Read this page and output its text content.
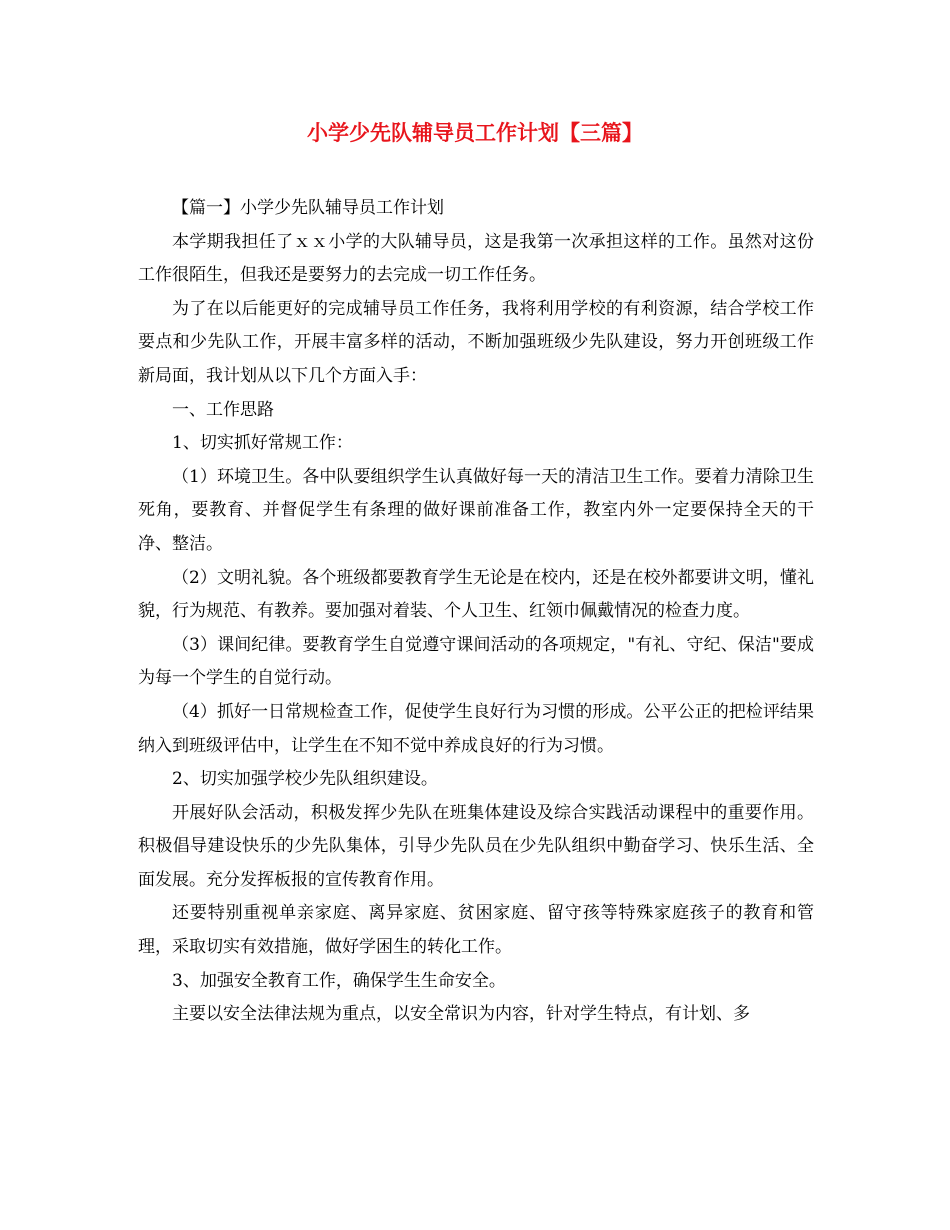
小学少先队辅导员工作计划【三篇】

【篇一】小学少先队辅导员工作计划

本学期我担任了ｘｘ小学的大队辅导员，这是我第一次承担这样的工作。虽然对这份工作很陌生，但我还是要努力的去完成一切工作任务。

为了在以后能更好的完成辅导员工作任务，我将利用学校的有利资源，结合学校工作要点和少先队工作，开展丰富多样的活动，不断加强班级少先队建设，努力开创班级工作新局面，我计划从以下几个方面入手：

一、工作思路

1、切实抓好常规工作：

（1）环境卫生。各中队要组织学生认真做好每一天的清洁卫生工作。要着力清除卫生死角，要教育、并督促学生有条理的做好课前准备工作，教室内外一定要保持全天的干净、整洁。

（2）文明礼貌。各个班级都要教育学生无论是在校内，还是在校外都要讲文明，懂礼貌，行为规范、有教养。要加强对着装、个人卫生、红领巾佩戴情况的检查力度。

（3）课间纪律。要教育学生自觉遵守课间活动的各项规定，"有礼、守纪、保洁"要成为每一个学生的自觉行动。

（4）抓好一日常规检查工作，促使学生良好行为习惯的形成。公平公正的把检评结果纳入到班级评估中，让学生在不知不觉中养成良好的行为习惯。

2、切实加强学校少先队组织建设。

开展好队会活动，积极发挥少先队在班集体建设及综合实践活动课程中的重要作用。积极倡导建设快乐的少先队集体，引导少先队员在少先队组织中勤奋学习、快乐生活、全面发展。充分发挥板报的宣传教育作用。

还要特别重视单亲家庭、离异家庭、贫困家庭、留守孩等特殊家庭孩子的教育和管理，采取切实有效措施，做好学困生的转化工作。

3、加强安全教育工作，确保学生生命安全。

主要以安全法律法规为重点，以安全常识为内容，针对学生特点，有计划、多
